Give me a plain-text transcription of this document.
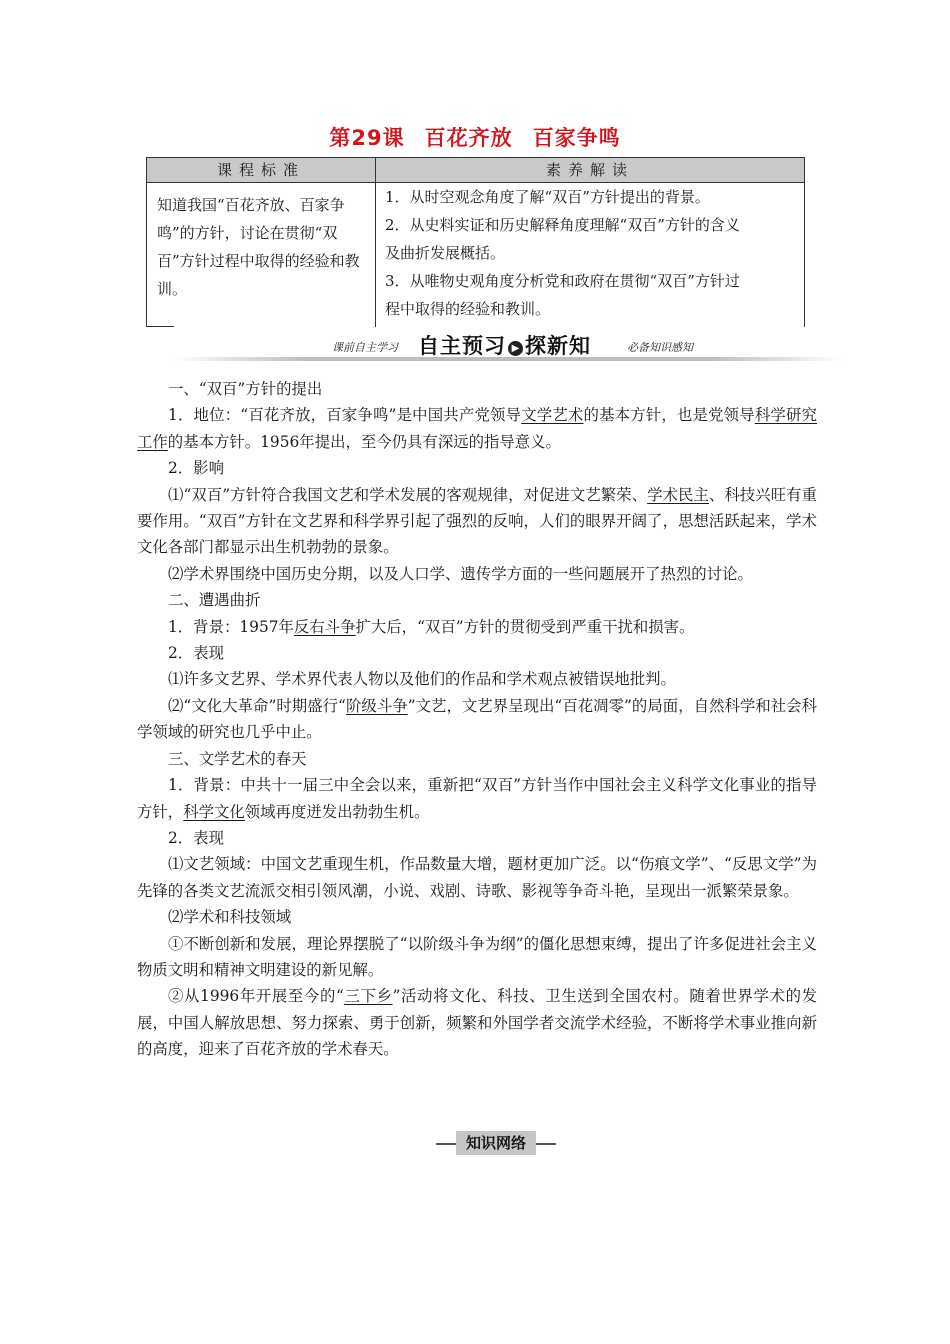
第29课 百花齐放 百家争鸣
课程标准	素养解读
知道我国“百花齐放、百家争鸣”的方针，讨论在贯彻“双百”方针过程中取得的经验和教训。
1．从时空观念角度了解“双百”方针提出的背景。
2．从史料实证和历史解释角度理解“双百”方针的含义
及曲折发展概括。
3．从唯物史观角度分析党和政府在贯彻“双百”方针过
程中取得的经验和教训。
课前自主学习 自主预习 ▶ 探新知	必备知识感知

一、“双百”方针的提出

1．地位：“百花齐放，百家争鸣”是中国共产党领导文学艺术的基本方针，也是党领导科学研究工作的基本方针。1956年提出，至今仍具有深远的指导意义。

2．影响

⑴“双百”方针符合我国文艺和学术发展的客观规律，对促进文艺繁荣、学术民主、科技兴旺有重要作用。“双百”方针在文艺界和科学界引起了强烈的反响，人们的眼界开阔了，思想活跃起来，学术文化各部门都显示出生机勃勃的景象。

⑵学术界围绕中国历史分期，以及人口学、遗传学方面的一些问题展开了热烈的讨论。

二、遭遇曲折

1．背景：1957年反右斗争扩大后，“双百”方针的贯彻受到严重干扰和损害。

2．表现

⑴许多文艺界、学术界代表人物以及他们的作品和学术观点被错误地批判。

⑵“文化大革命”时期盛行“阶级斗争”文艺，文艺界呈现出“百花凋零”的局面，自然科学和社会科学领域的研究也几乎中止。

三、文学艺术的春天

1．背景：中共十一届三中全会以来，重新把“双百”方针当作中国社会主义科学文化事业的指导方针，科学文化领域再度迸发出勃勃生机。

2．表现

⑴文艺领域：中国文艺重现生机，作品数量大增，题材更加广泛。以“伤痕文学”、“反思文学”为先锋的各类文艺流派交相引领风潮，小说、戏剧、诗歌、影视等争奇斗艳，呈现出一派繁荣景象。

⑵学术和科技领域

①不断创新和发展，理论界摆脱了“以阶级斗争为纲”的僵化思想束缚，提出了许多促进社会主义物质文明和精神文明建设的新见解。

②从1996年开展至今的“三下乡”活动将文化、科技、卫生送到全国农村。随着世界学术的发展，中国人解放思想、努力探索、勇于创新，频繁和外国学者交流学术经验，不断将学术事业推向新的高度，迎来了百花齐放的学术春天。

知识网络
